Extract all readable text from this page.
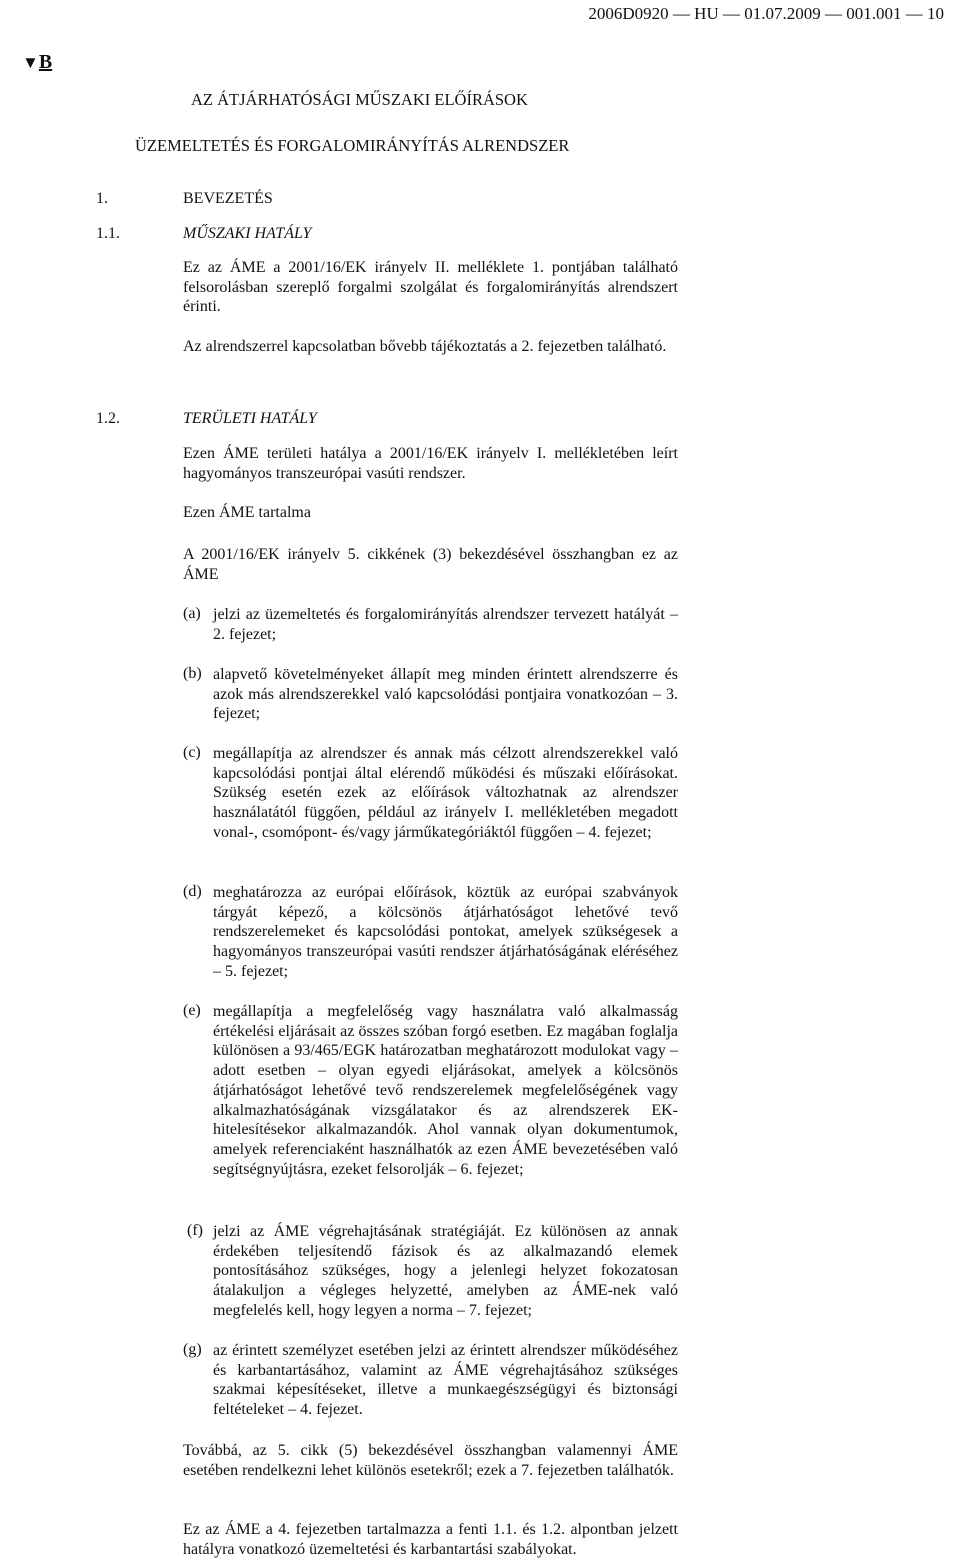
2006D0920 — HU — 01.07.2009 — 001.001 — 10
▼B
AZ ÁTJÁRHATÓSÁGI MŰSZAKI ELŐÍRÁSOK
ÜZEMELTETÉS ÉS FORGALOMIRÁNYÍTÁS ALRENDSZER
1.	BEVEZETÉS
1.1.	MŰSZAKI HATÁLY
Ez az ÁME a 2001/16/EK irányelv II. melléklete 1. pontjában található felsorolásban szereplő forgalmi szolgálat és forgalomirányítás alrendszert érinti.
Az alrendszerrel kapcsolatban bővebb tájékoztatás a 2. fejezetben található.
1.2.	TERÜLETI HATÁLY
Ezen ÁME területi hatálya a 2001/16/EK irányelv I. mellékletében leírt hagyományos transzeurópai vasúti rendszer.
Ezen ÁME tartalma
A 2001/16/EK irányelv 5. cikkének (3) bekezdésével összhangban ez az ÁME
(a) jelzi az üzemeltetés és forgalomirányítás alrendszer tervezett hatályát – 2. fejezet;
(b) alapvető követelményeket állapít meg minden érintett alrendszerre és azok más alrendszerekkel való kapcsolódási pontjaira vonatkozóan – 3. fejezet;
(c) megállapítja az alrendszer és annak más célzott alrendszerekkel való kapcsolódási pontjai által elérendő működési és műszaki előírásokat. Szükség esetén ezek az előírások változhatnak az alrendszer használatától függően, például az irányelv I. mellékletében megadott vonal-, csomópont- és/vagy járműkategóriáktól függően – 4. fejezet;
(d) meghatározza az európai előírások, köztük az európai szabványok tárgyát képező, a kölcsönös átjárhatóságot lehetővé tevő rendszerelemeket és kapcsolódási pontokat, amelyek szükségesek a hagyományos transzeurópai vasúti rendszer átjárhatóságának eléréséhez – 5. fejezet;
(e) megállapítja a megfelelőség vagy használatra való alkalmasság értékelési eljárásait az összes szóban forgó esetben. Ez magában foglalja különösen a 93/465/EGK határozatban meghatározott modulokat vagy – adott esetben – olyan egyedi eljárásokat, amelyek a kölcsönös átjárhatóságot lehetővé tevő rendszerelemek megfelelőségének vagy alkalmazhatóságának vizsgálatakor és az alrendszerek EK-hitelesítésekor alkalmazandók. Ahol vannak olyan dokumentumok, amelyek referenciaként használhatók az ezen ÁME bevezetésében való segítségnyújtásra, ezeket felsorolják – 6. fejezet;
(f) jelzi az ÁME végrehajtásának stratégiáját. Ez különösen az annak érdekében teljesítendő fázisok és az alkalmazandó elemek pontosításához szükséges, hogy a jelenlegi helyzet fokozatosan átalakuljon a végleges helyzetté, amelyben az ÁME-nek való megfelelés kell, hogy legyen a norma – 7. fejezet;
(g) az érintett személyzet esetében jelzi az érintett alrendszer működéséhez és karbantartásához, valamint az ÁME végrehajtásához szükséges szakmai képesítéseket, illetve a munkaegészségügyi és biztonsági feltételeket – 4. fejezet.
Továbbá, az 5. cikk (5) bekezdésével összhangban valamennyi ÁME esetében rendelkezni lehet különös esetekről; ezek a 7. fejezetben találhatók.
Ez az ÁME a 4. fejezetben tartalmazza a fenti 1.1. és 1.2. alpontban jelzett hatályra vonatkozó üzemeltetési és karbantartási szabályokat.
